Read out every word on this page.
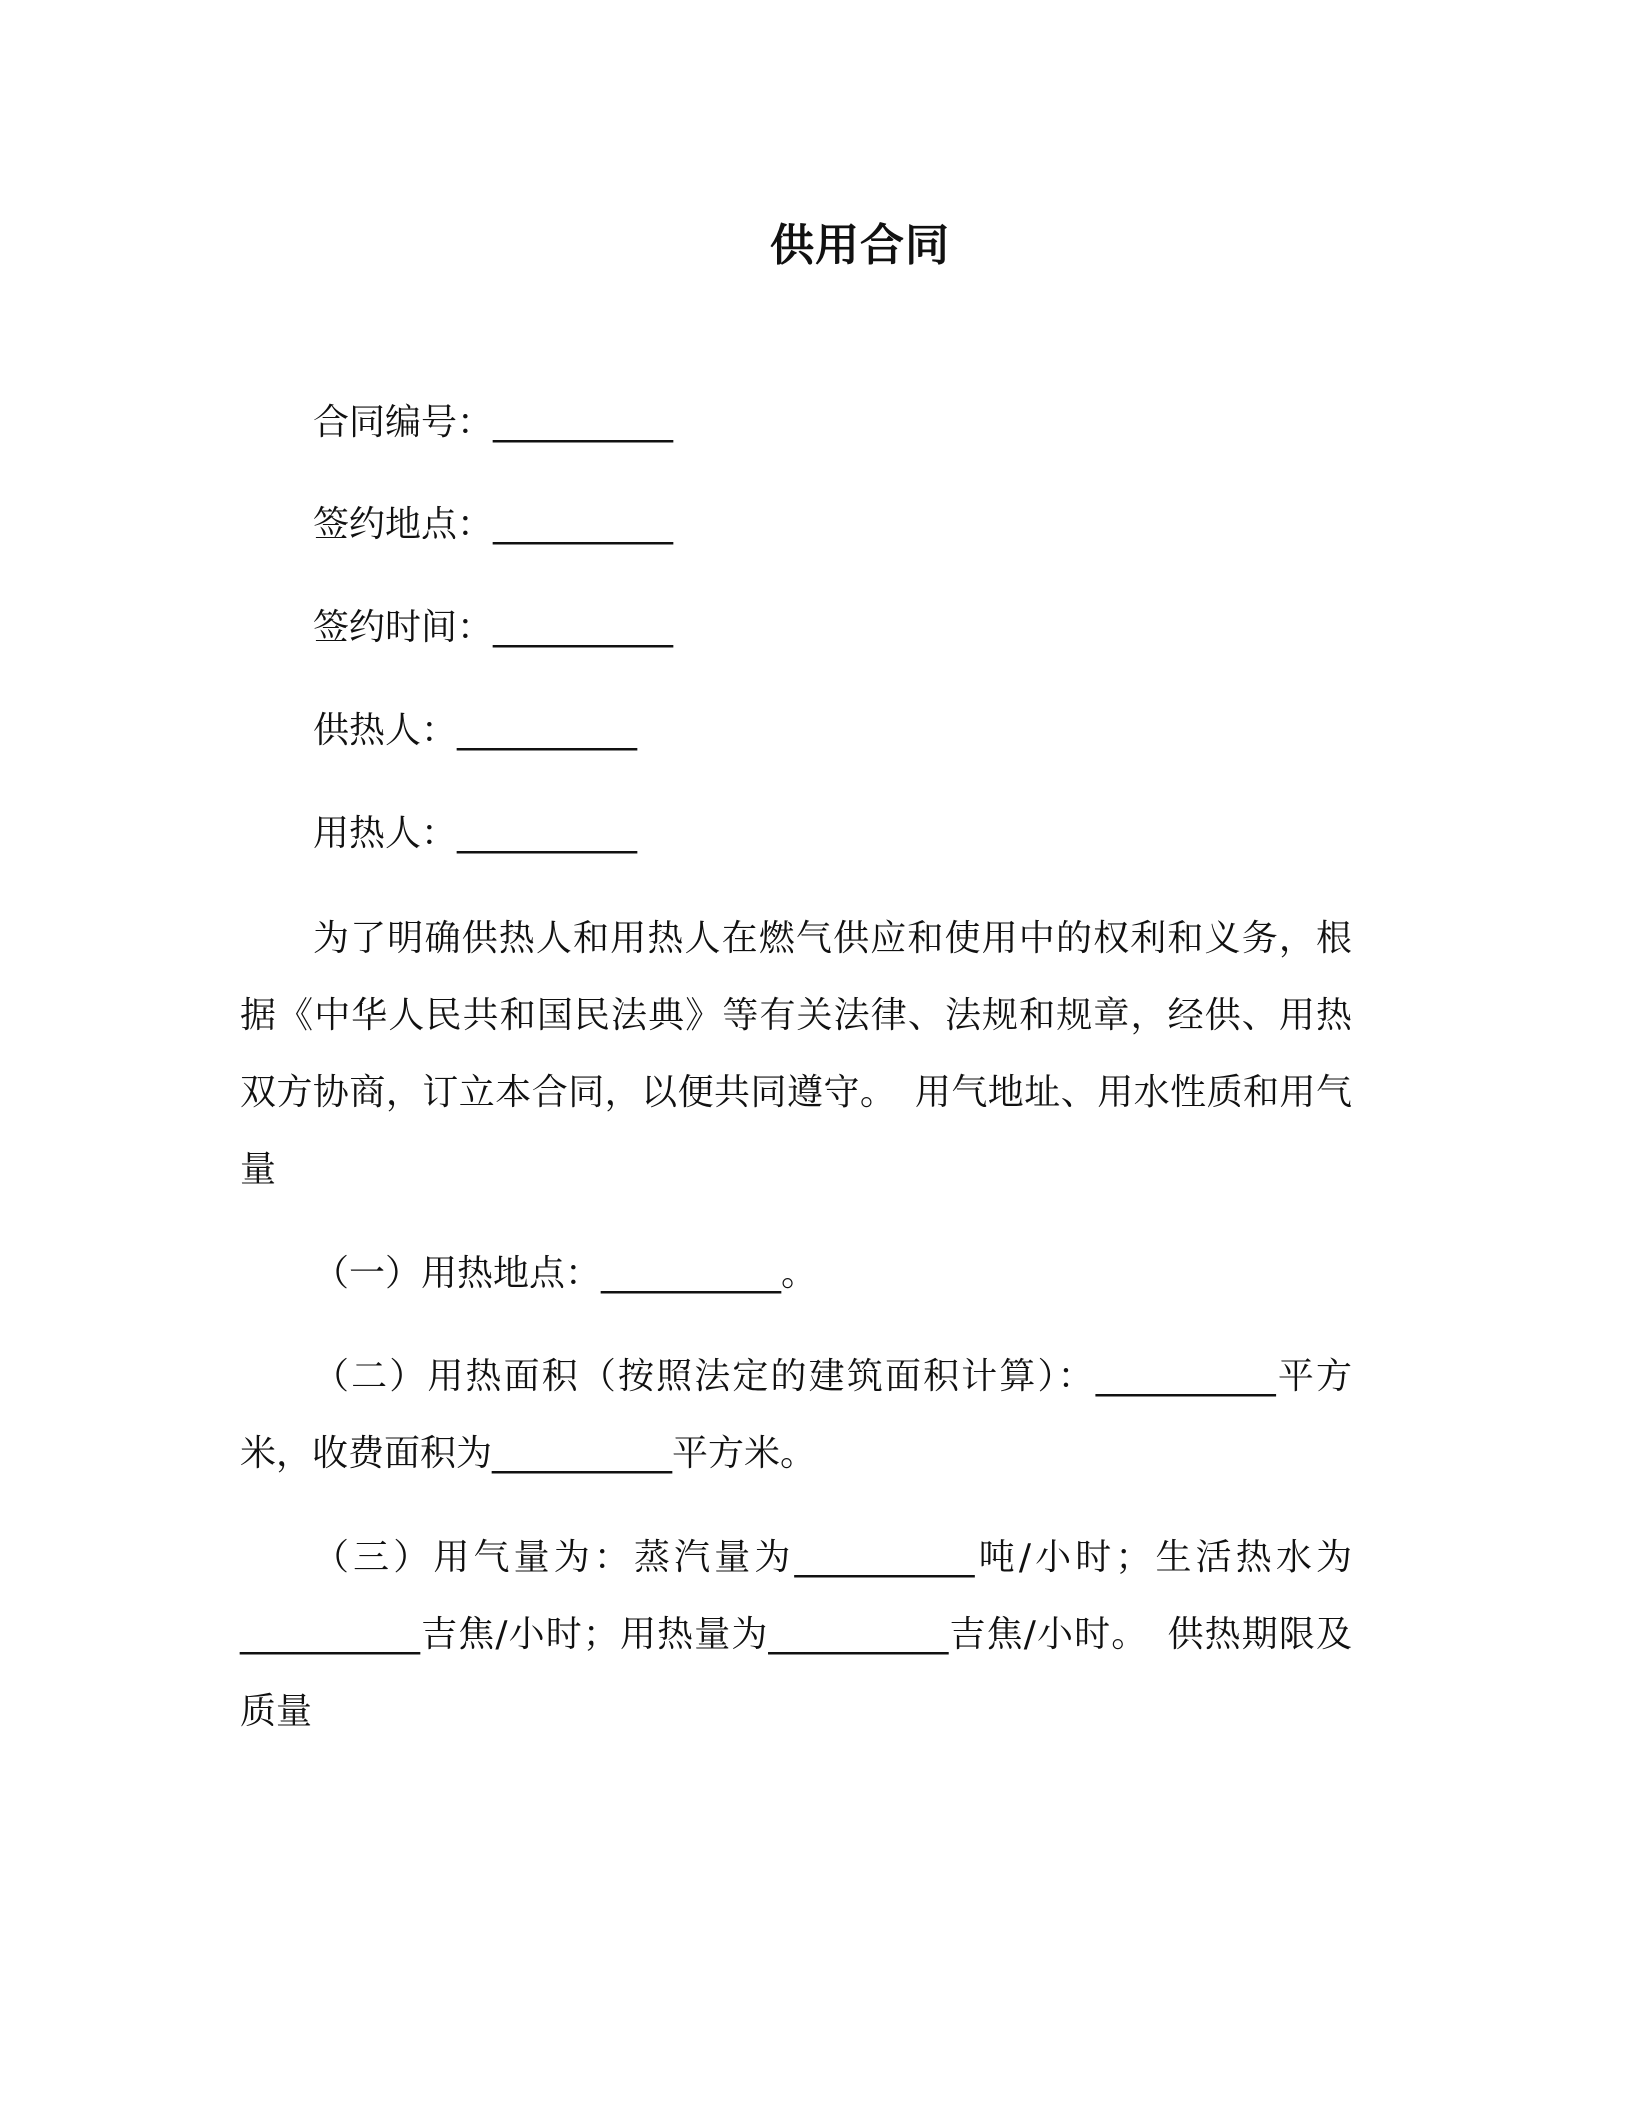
供用合同
合同编号：__________
签约地点：__________
签约时间：__________
供热人：__________
用热人：__________

为了明确供热人和用热人在燃气供应和使用中的权利和义务，根据《中华人民共和国民法典》等有关法律、法规和规章，经供、用热双方协商，订立本合同，以便共同遵守。　用气地址、用水性质和用气量

（一）用热地点：__________。

（二）用热面积（按照法定的建筑面积计算）：__________平方米，收费面积为__________平方米。

（三）用气量为：蒸汽量为__________吨/小时；生活热水为__________吉焦/小时；用热量为__________吉焦/小时。　供热期限及质量
